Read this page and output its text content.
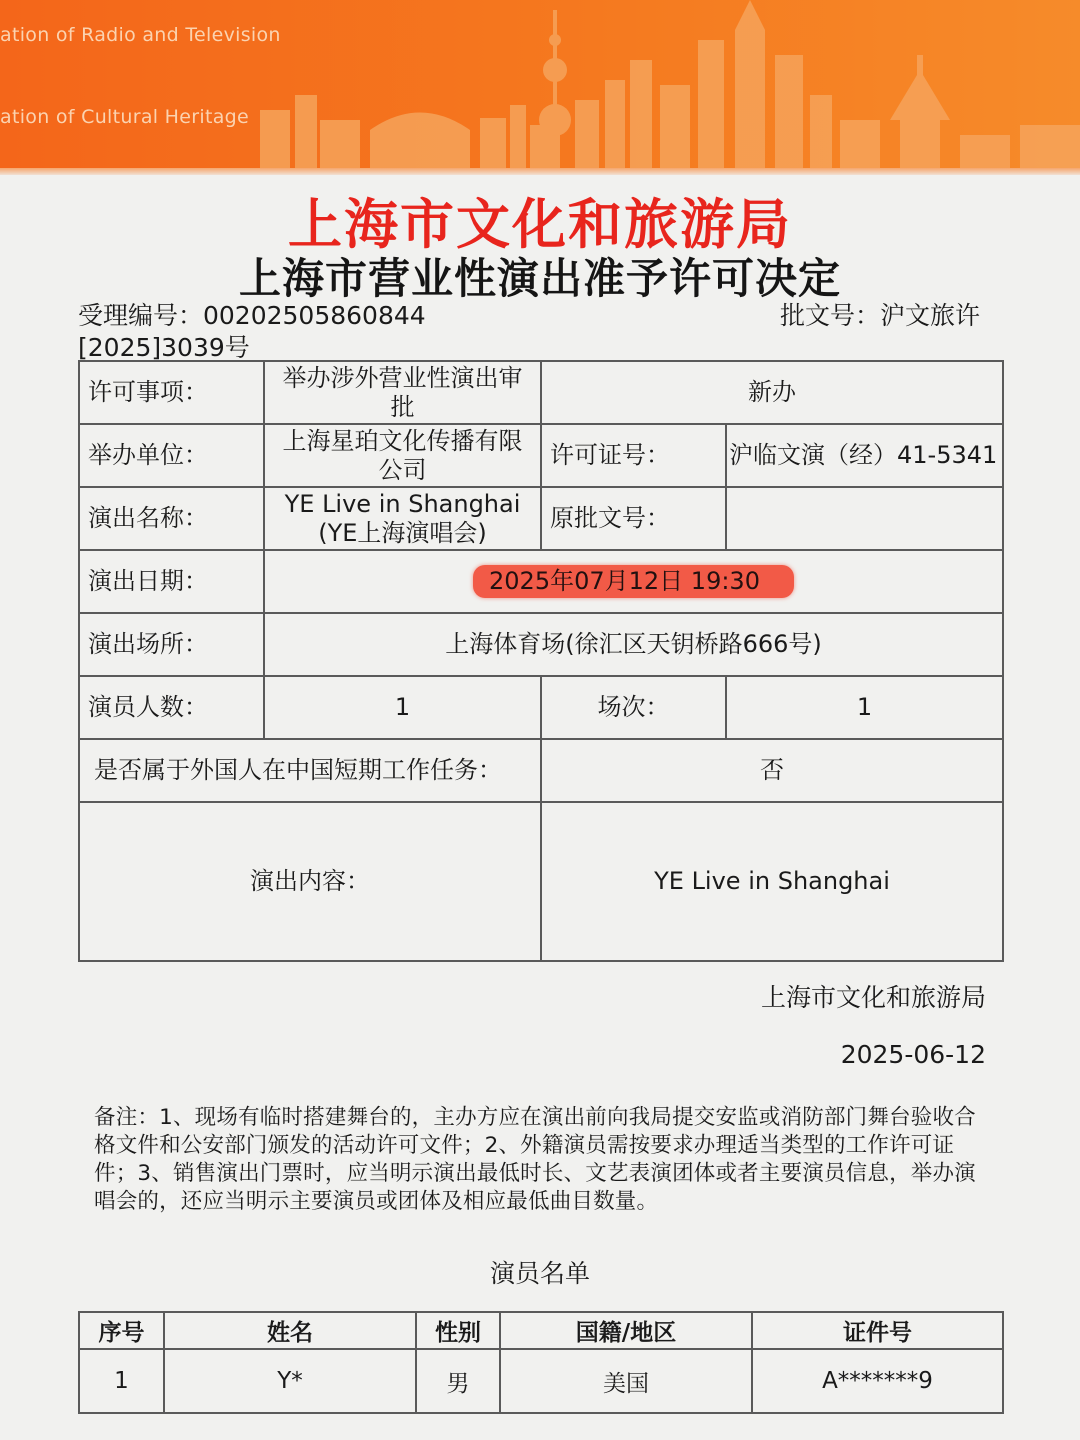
ation of Radio and Television
ation of Cultural Heritage
上海市文化和旅游局
上海市营业性演出准予许可决定
受理编号：00202505860844	批文号：沪文旅许
[2025]3039号
许可事项：	举办涉外营业性演出审批	新办	
举办单位：	上海星珀文化传播有限公司	许可证号：	沪临文演（经）41-5341
演出名称：	YE Live in Shanghai (YE上海演唱会)	原批文号：	
演出日期：	2025年07月12日 19:30		
演出场所：	上海体育场(徐汇区天钥桥路666号)		
演员人数：	1	场次：	1
是否属于外国人在中国短期工作任务：		否	
演出内容：		YE Live in Shanghai	
上海市文化和旅游局
2025-06-12
备注：1、现场有临时搭建舞台的，主办方应在演出前向我局提交安监或消防部门舞台验收合格文件和公安部门颁发的活动许可文件；2、外籍演员需按要求办理适当类型的工作许可证件；3、销售演出门票时，应当明示演出最低时长、文艺表演团体或者主要演员信息，举办演唱会的，还应当明示主要演员或团体及相应最低曲目数量。
演员名单
序号	姓名	性别	国籍/地区	证件号
1	Y*	男	美国	A*******9
